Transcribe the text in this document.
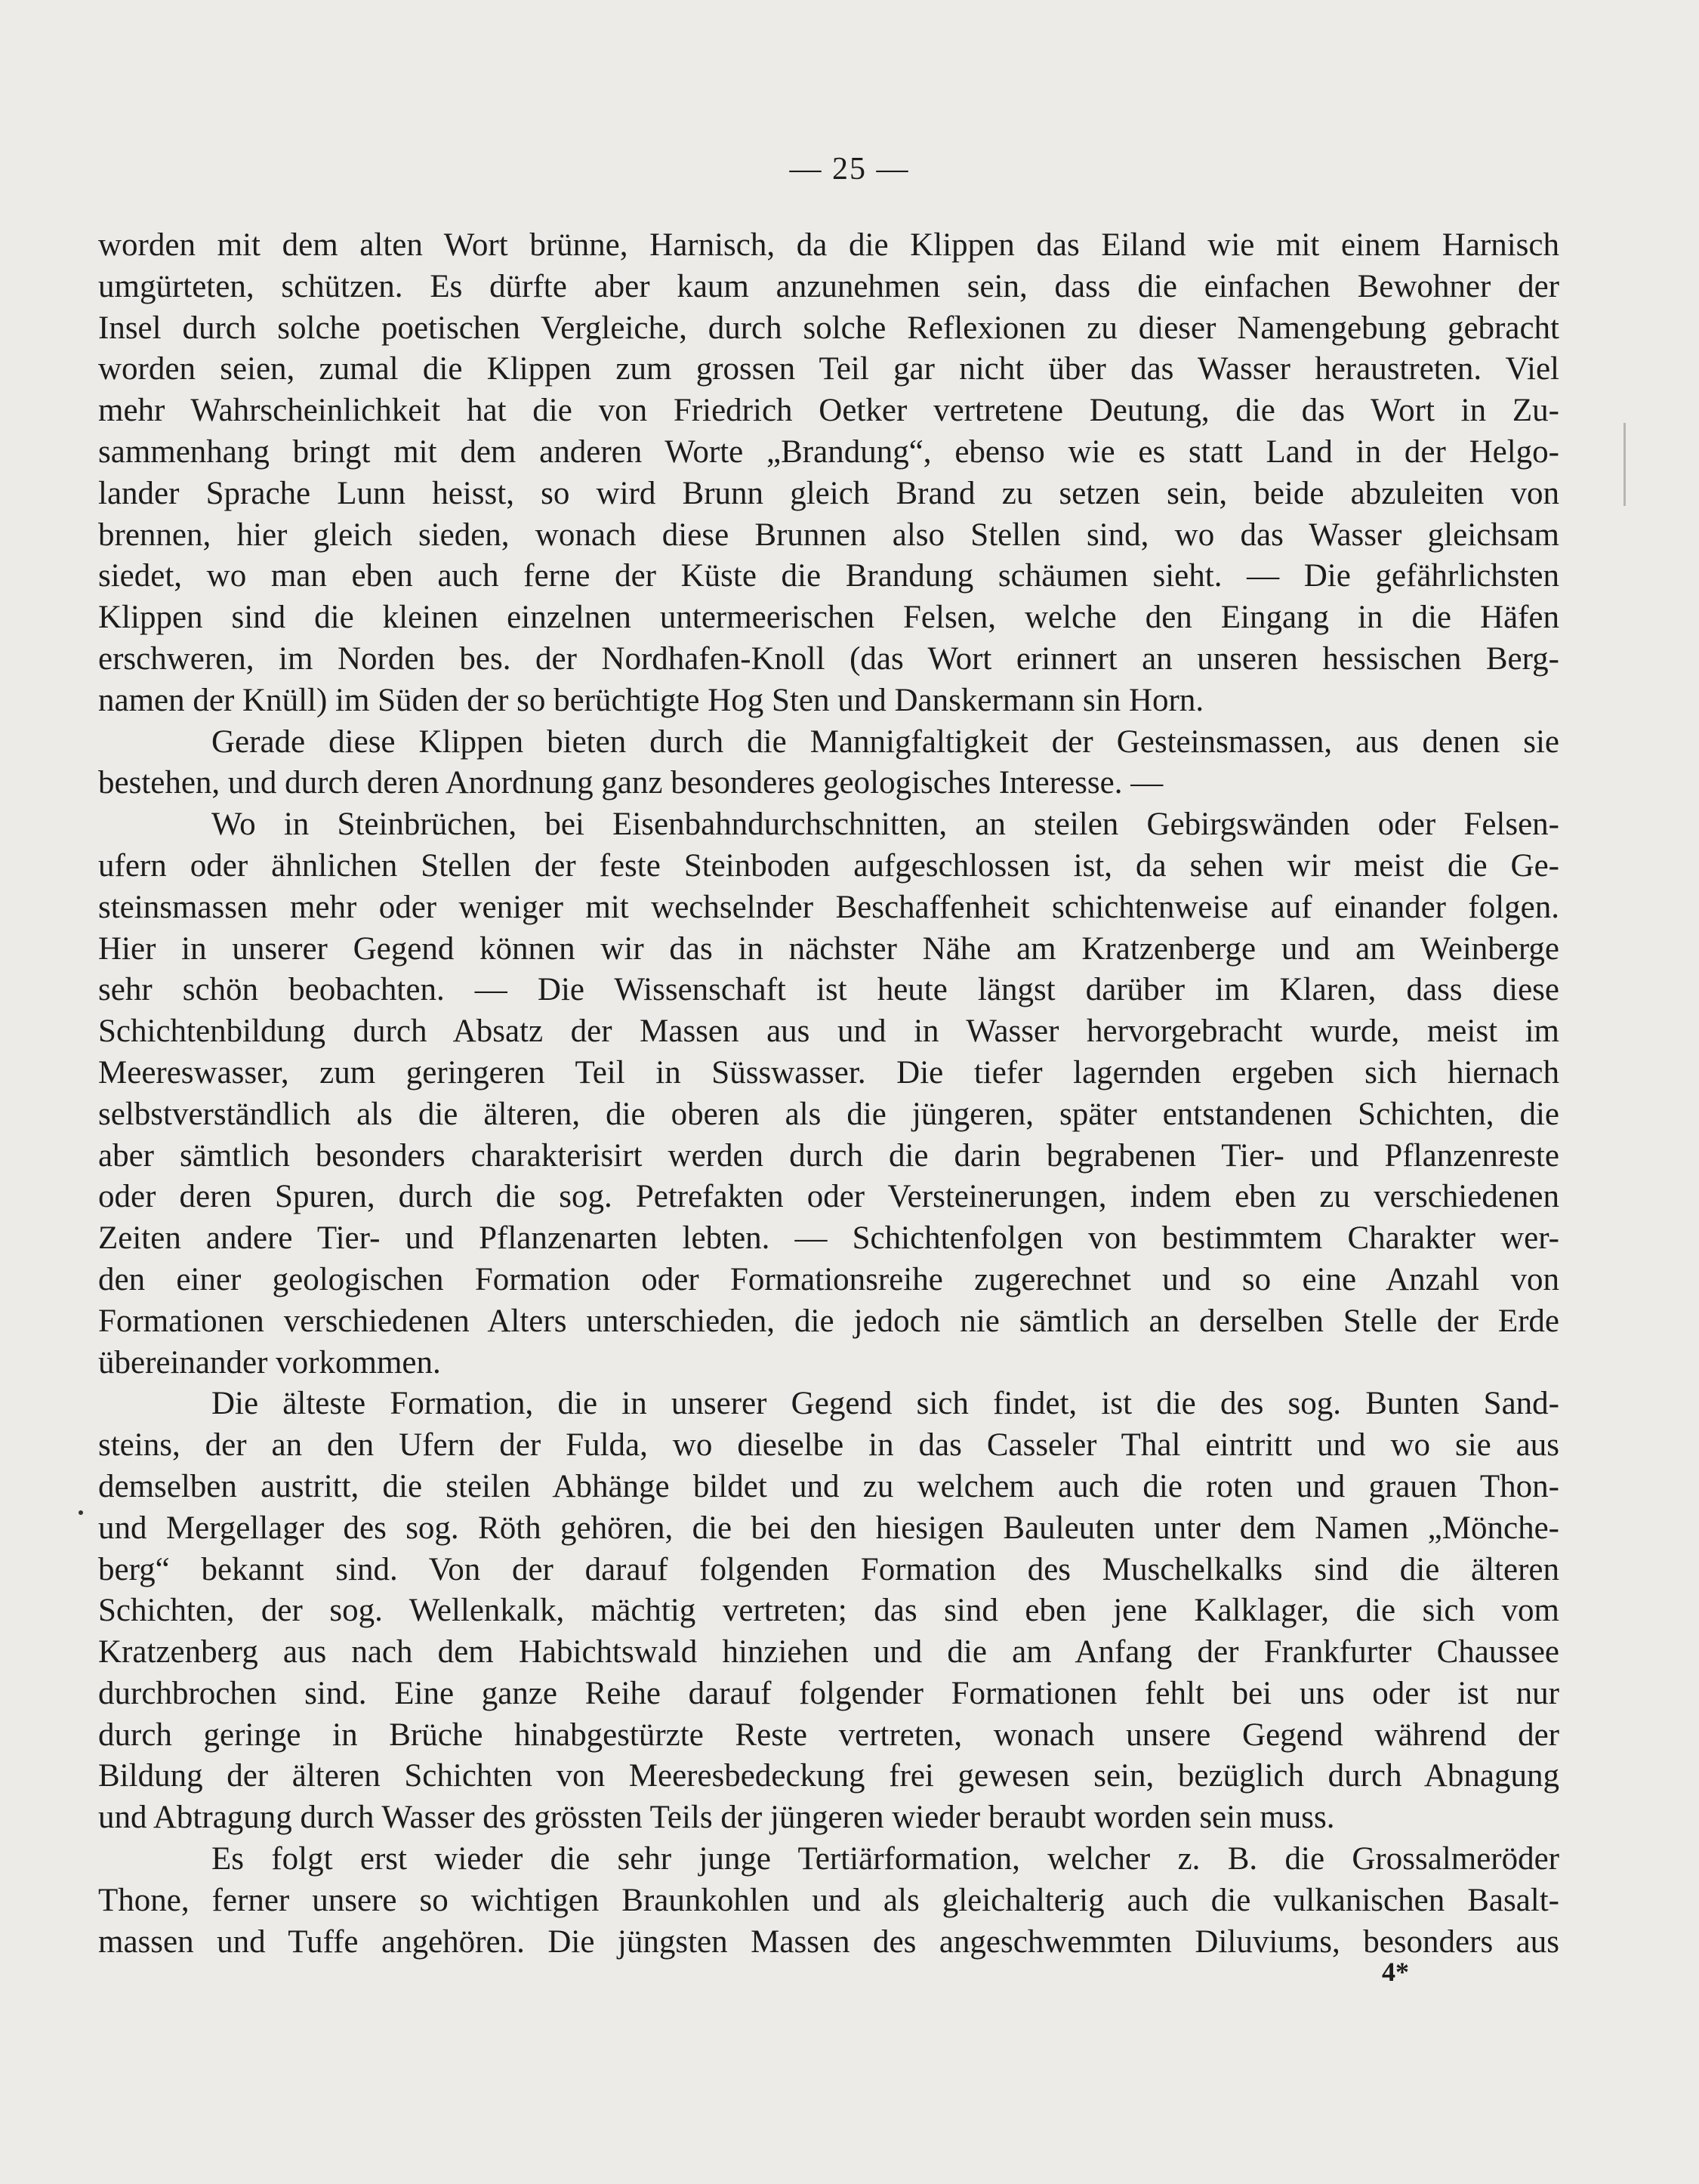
— 25 —
worden mit dem alten Wort brünne, Harnisch, da die Klippen das Eiland wie mit einem Harnisch
umgürteten, schützen. Es dürfte aber kaum anzunehmen sein, dass die einfachen Bewohner der
Insel durch solche poetischen Vergleiche, durch solche Reflexionen zu dieser Namengebung gebracht
worden seien, zumal die Klippen zum grossen Teil gar nicht über das Wasser heraustreten. Viel
mehr Wahrscheinlichkeit hat die von Friedrich Oetker vertretene Deutung, die das Wort in Zu-
sammenhang bringt mit dem anderen Worte „Brandung“, ebenso wie es statt Land in der Helgo-
lander Sprache Lunn heisst, so wird Brunn gleich Brand zu setzen sein, beide abzuleiten von
brennen, hier gleich sieden, wonach diese Brunnen also Stellen sind, wo das Wasser gleichsam
siedet, wo man eben auch ferne der Küste die Brandung schäumen sieht. — Die gefährlichsten
Klippen sind die kleinen einzelnen untermeerischen Felsen, welche den Eingang in die Häfen
erschweren, im Norden bes. der Nordhafen-Knoll (das Wort erinnert an unseren hessischen Berg-
namen der Knüll) im Süden der so berüchtigte Hog Sten und Danskermann sin Horn.
Gerade diese Klippen bieten durch die Mannigfaltigkeit der Gesteinsmassen, aus denen sie
bestehen, und durch deren Anordnung ganz besonderes geologisches Interesse. —
Wo in Steinbrüchen, bei Eisenbahndurchschnitten, an steilen Gebirgswänden oder Felsen-
ufern oder ähnlichen Stellen der feste Steinboden aufgeschlossen ist, da sehen wir meist die Ge-
steinsmassen mehr oder weniger mit wechselnder Beschaffenheit schichtenweise auf einander folgen.
Hier in unserer Gegend können wir das in nächster Nähe am Kratzenberge und am Weinberge
sehr schön beobachten. — Die Wissenschaft ist heute längst darüber im Klaren, dass diese
Schichtenbildung durch Absatz der Massen aus und in Wasser hervorgebracht wurde, meist im
Meereswasser, zum geringeren Teil in Süsswasser. Die tiefer lagernden ergeben sich hiernach
selbstverständlich als die älteren, die oberen als die jüngeren, später entstandenen Schichten, die
aber sämtlich besonders charakterisirt werden durch die darin begrabenen Tier- und Pflanzenreste
oder deren Spuren, durch die sog. Petrefakten oder Versteinerungen, indem eben zu verschiedenen
Zeiten andere Tier- und Pflanzenarten lebten. — Schichtenfolgen von bestimmtem Charakter wer-
den einer geologischen Formation oder Formationsreihe zugerechnet und so eine Anzahl von
Formationen verschiedenen Alters unterschieden, die jedoch nie sämtlich an derselben Stelle der Erde
übereinander vorkommen.
Die älteste Formation, die in unserer Gegend sich findet, ist die des sog. Bunten Sand-
steins, der an den Ufern der Fulda, wo dieselbe in das Casseler Thal eintritt und wo sie aus
demselben austritt, die steilen Abhänge bildet und zu welchem auch die roten und grauen Thon-
und Mergellager des sog. Röth gehören, die bei den hiesigen Bauleuten unter dem Namen „Mönche-
berg“ bekannt sind. Von der darauf folgenden Formation des Muschelkalks sind die älteren
Schichten, der sog. Wellenkalk, mächtig vertreten; das sind eben jene Kalklager, die sich vom
Kratzenberg aus nach dem Habichtswald hinziehen und die am Anfang der Frankfurter Chaussee
durchbrochen sind. Eine ganze Reihe darauf folgender Formationen fehlt bei uns oder ist nur
durch geringe in Brüche hinabgestürzte Reste vertreten, wonach unsere Gegend während der
Bildung der älteren Schichten von Meeresbedeckung frei gewesen sein, bezüglich durch Abnagung
und Abtragung durch Wasser des grössten Teils der jüngeren wieder beraubt worden sein muss.
Es folgt erst wieder die sehr junge Tertiärformation, welcher z. B. die Grossalmeröder
Thone, ferner unsere so wichtigen Braunkohlen und als gleichalterig auch die vulkanischen Basalt-
massen und Tuffe angehören. Die jüngsten Massen des angeschwemmten Diluviums, besonders aus
4*
